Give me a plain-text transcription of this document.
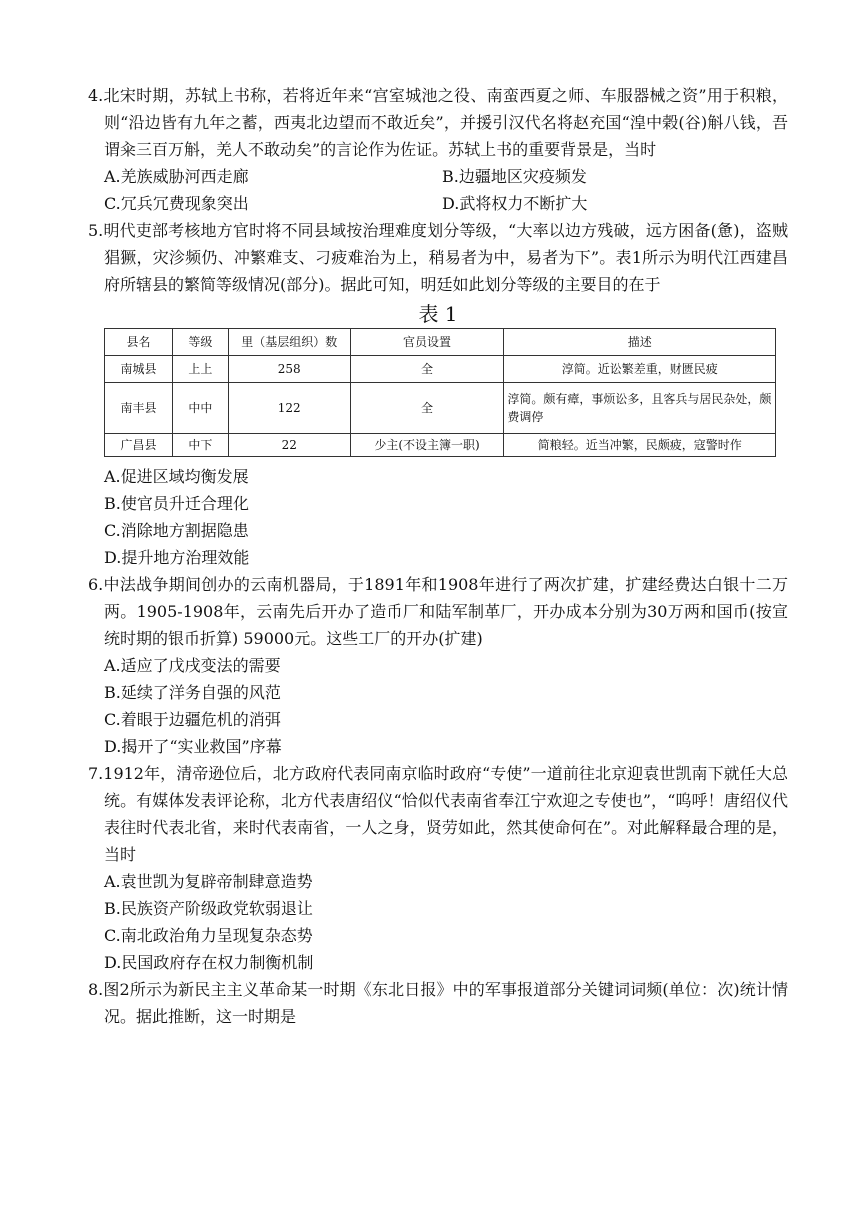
4.北宋时期，苏轼上书称，若将近年来“宫室城池之役、南蛮西夏之师、车服器械之资”用于积粮，则“沿边皆有九年之蓄，西夷北边望而不敢近矣”，并援引汉代名将赵充国“湟中榖(谷)斛八钱，吾谓籴三百万斛，羌人不敢动矣”的言论作为佐证。苏轼上书的重要背景是，当时

A.羌族威胁河西走廊	B.边疆地区灾疫频发
C.冗兵冗费现象突出	D.武将权力不断扩大

5.明代吏部考核地方官时将不同县域按治理难度划分等级，“大率以边方残破，远方困备(惫)，盗贼猖獗，灾沴频仍、冲繁难支、刁疲难治为上，稍易者为中，易者为下”。表1所示为明代江西建昌府所辖县的繁简等级情况(部分)。据此可知，明廷如此划分等级的主要目的在于

表 1
县名	等级	里（基层组织）数	官员设置	描述
南城县	上上	258	全	淳简。近讼繁差重，财匮民疲
南丰县	中中	122	全	淳简。颇有瘴，事烦讼多，且客兵与居民杂处，颇费调停
广昌县	中下	22	少主(不设主簿一职)	简粮轻。近当冲繁，民颇疲，寇警时作
A.促进区域均衡发展
B.使官员升迁合理化
C.消除地方割据隐患
D.提升地方治理效能

6.中法战争期间创办的云南机器局，于1891年和1908年进行了两次扩建，扩建经费达白银十二万两。1905-1908年，云南先后开办了造币厂和陆军制革厂，开办成本分别为30万两和国币(按宣统时期的银币折算) 59000元。这些工厂的开办(扩建)

A.适应了戊戌变法的需要
B.延续了洋务自强的风范
C.着眼于边疆危机的消弭
D.揭开了“实业救国”序幕

7.1912年，清帝逊位后，北方政府代表同南京临时政府“专使”一道前往北京迎袁世凯南下就任大总统。有媒体发表评论称，北方代表唐绍仪“恰似代表南省奉江宁欢迎之专使也”，“呜呼！唐绍仪代表往时代表北省，来时代表南省，一人之身，贤劳如此，然其使命何在”。对此解释最合理的是，当时

A.袁世凯为复辟帝制肆意造势
B.民族资产阶级政党软弱退让
C.南北政治角力呈现复杂态势
D.民国政府存在权力制衡机制

8.图2所示为新民主主义革命某一时期《东北日报》中的军事报道部分关键词词频(单位：次)统计情况。据此推断，这一时期是
